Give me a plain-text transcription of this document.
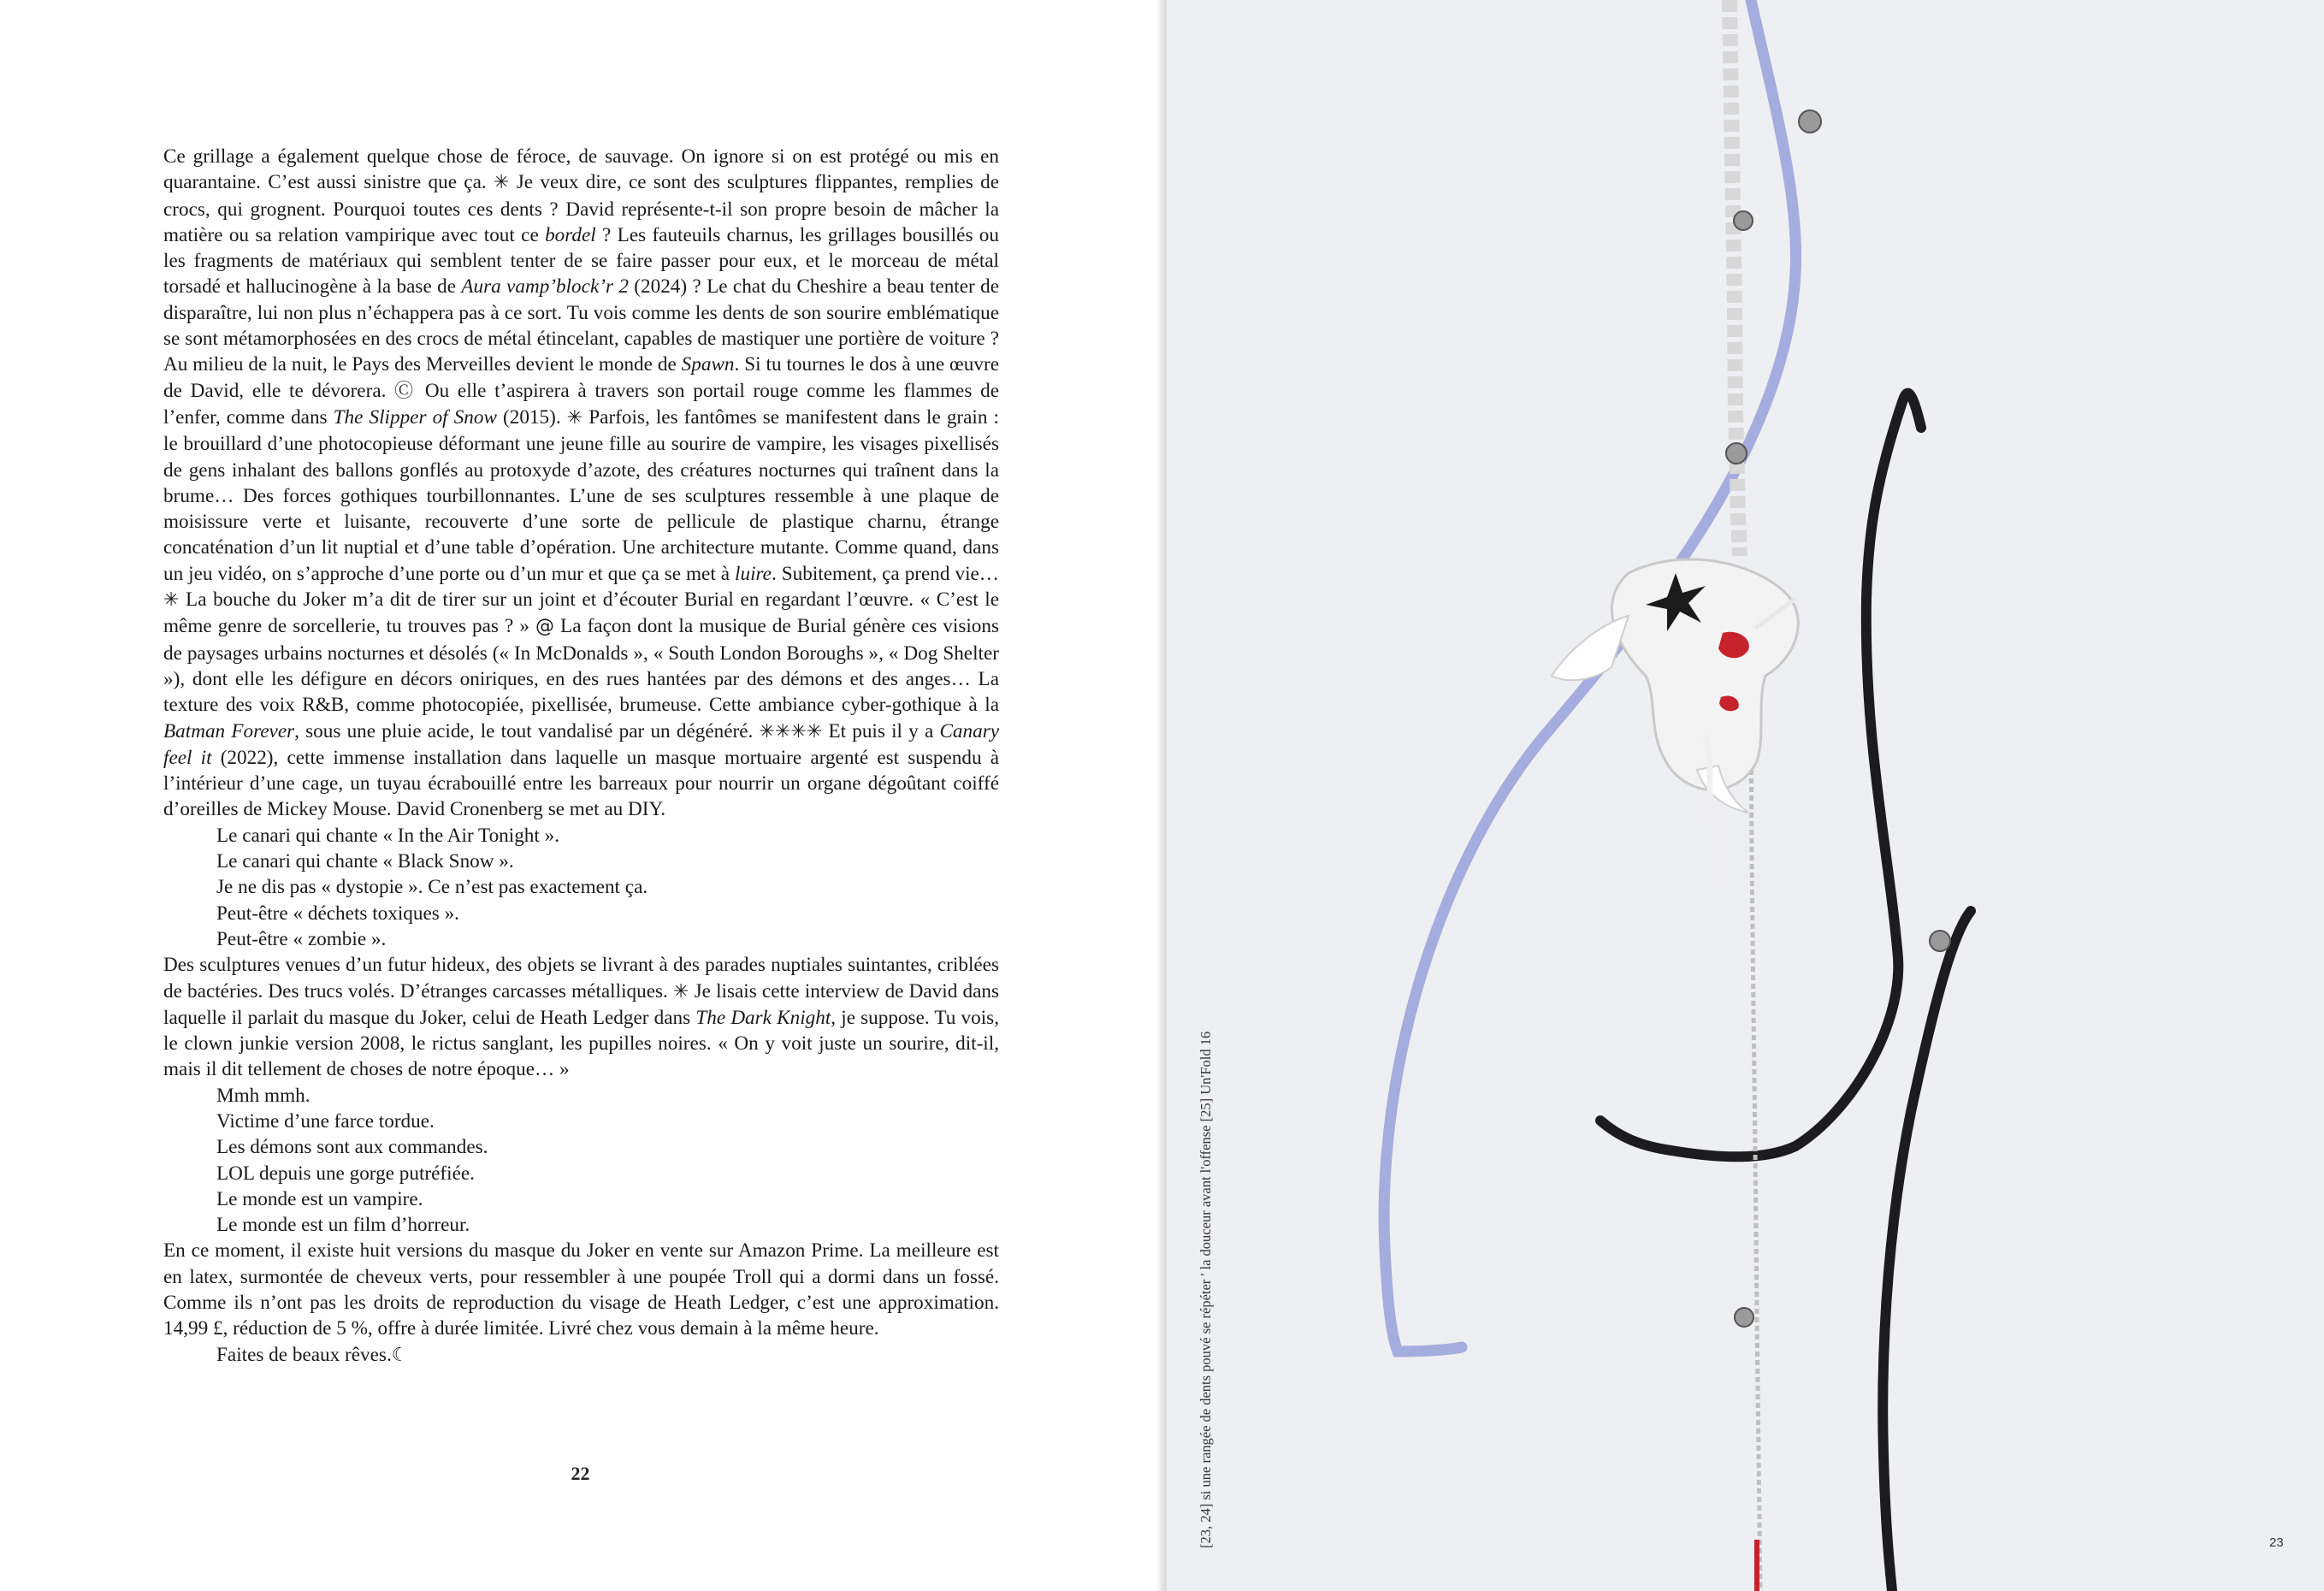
Ce grillage a également quelque chose de féroce, de sauvage. On ignore si on est protégé ou mis en quarantaine. C’est aussi sinistre que ça. ✳ Je veux dire, ce sont des sculptures flippantes, remplies de crocs, qui grognent. Pourquoi toutes ces dents ? David représente-t-il son propre besoin de mâcher la matière ou sa relation vampirique avec tout ce bordel ? Les fauteuils charnus, les grillages bousillés ou les fragments de matériaux qui semblent tenter de se faire passer pour eux, et le morceau de métal torsadé et hallucinogène à la base de Aura vamp’block’r 2 (2024) ? Le chat du Cheshire a beau tenter de disparaître, lui non plus n’échappera pas à ce sort. Tu vois comme les dents de son sourire emblématique se sont métamorphosées en des crocs de métal étincelant, capables de mastiquer une portière de voiture ? Au milieu de la nuit, le Pays des Merveilles devient le monde de Spawn. Si tu tournes le dos à une œuvre de David, elle te dévorera. Ⓒ Ou elle t’aspirera à travers son portail rouge comme les flammes de l’enfer, comme dans The Slipper of Snow (2015). ✳ Parfois, les fantômes se manifestent dans le grain : le brouillard d’une photocopieuse déformant une jeune fille au sourire de vampire, les visages pixellisés de gens inhalant des ballons gonflés au protoxyde d’azote, des créatures nocturnes qui traînent dans la brume… Des forces gothiques tourbillonnantes. L’une de ses sculptures ressemble à une plaque de moisissure verte et luisante, recouverte d’une sorte de pellicule de plastique charnu, étrange concaténation d’un lit nuptial et d’une table d’opération. Une architecture mutante. Comme quand, dans un jeu vidéo, on s’approche d’une porte ou d’un mur et que ça se met à luire. Subitement, ça prend vie… ✳ La bouche du Joker m’a dit de tirer sur un joint et d’écouter Burial en regardant l’œuvre. « C’est le même genre de sorcellerie, tu trouves pas ? » @ La façon dont la musique de Burial génère ces visions de paysages urbains nocturnes et désolés (« In McDonalds », « South London Boroughs », « Dog Shelter »), dont elle les défigure en décors oniriques, en des rues hantées par des démons et des anges… La texture des voix R&B, comme photocopiée, pixellisée, brumeuse. Cette ambiance cyber-gothique à la Batman Forever, sous une pluie acide, le tout vandalisé par un dégénéré. ✳✳✳✳ Et puis il y a Canary feel it (2022), cette immense installation dans laquelle un masque mortuaire argenté est suspendu à l’intérieur d’une cage, un tuyau écrabouillé entre les barreaux pour nourrir un organe dégoûtant coiffé d’oreilles de Mickey Mouse. David Cronenberg se met au DIY.

Le canari qui chante « In the Air Tonight ».

Le canari qui chante « Black Snow ».

Je ne dis pas « dystopie ». Ce n’est pas exactement ça.

Peut-être « déchets toxiques ».

Peut-être « zombie ».

Des sculptures venues d’un futur hideux, des objets se livrant à des parades nuptiales suintantes, criblées de bactéries. Des trucs volés. D’étranges carcasses métalliques. ✳ Je lisais cette interview de David dans laquelle il parlait du masque du Joker, celui de Heath Ledger dans The Dark Knight, je suppose. Tu vois, le clown junkie version 2008, le rictus sanglant, les pupilles noires. « On y voit juste un sourire, dit-il, mais il dit tellement de choses de notre époque… »

Mmh mmh.

Victime d’une farce tordue.

Les démons sont aux commandes.

LOL depuis une gorge putréfiée.

Le monde est un vampire.

Le monde est un film d’horreur.

En ce moment, il existe huit versions du masque du Joker en vente sur Amazon Prime. La meilleure est en latex, surmontée de cheveux verts, pour ressembler à une poupée Troll qui a dormi dans un fossé. Comme ils n’ont pas les droits de reproduction du visage de Heath Ledger, c’est une approximation. 14,99 £, réduction de 5 %, offre à durée limitée. Livré chez vous demain à la même heure.

Faites de beaux rêves.☾

22	[23, 24] si une rangée de dents pouvé se répéter ' la douceur avant l'offense [25] Un'Fold 16	23
